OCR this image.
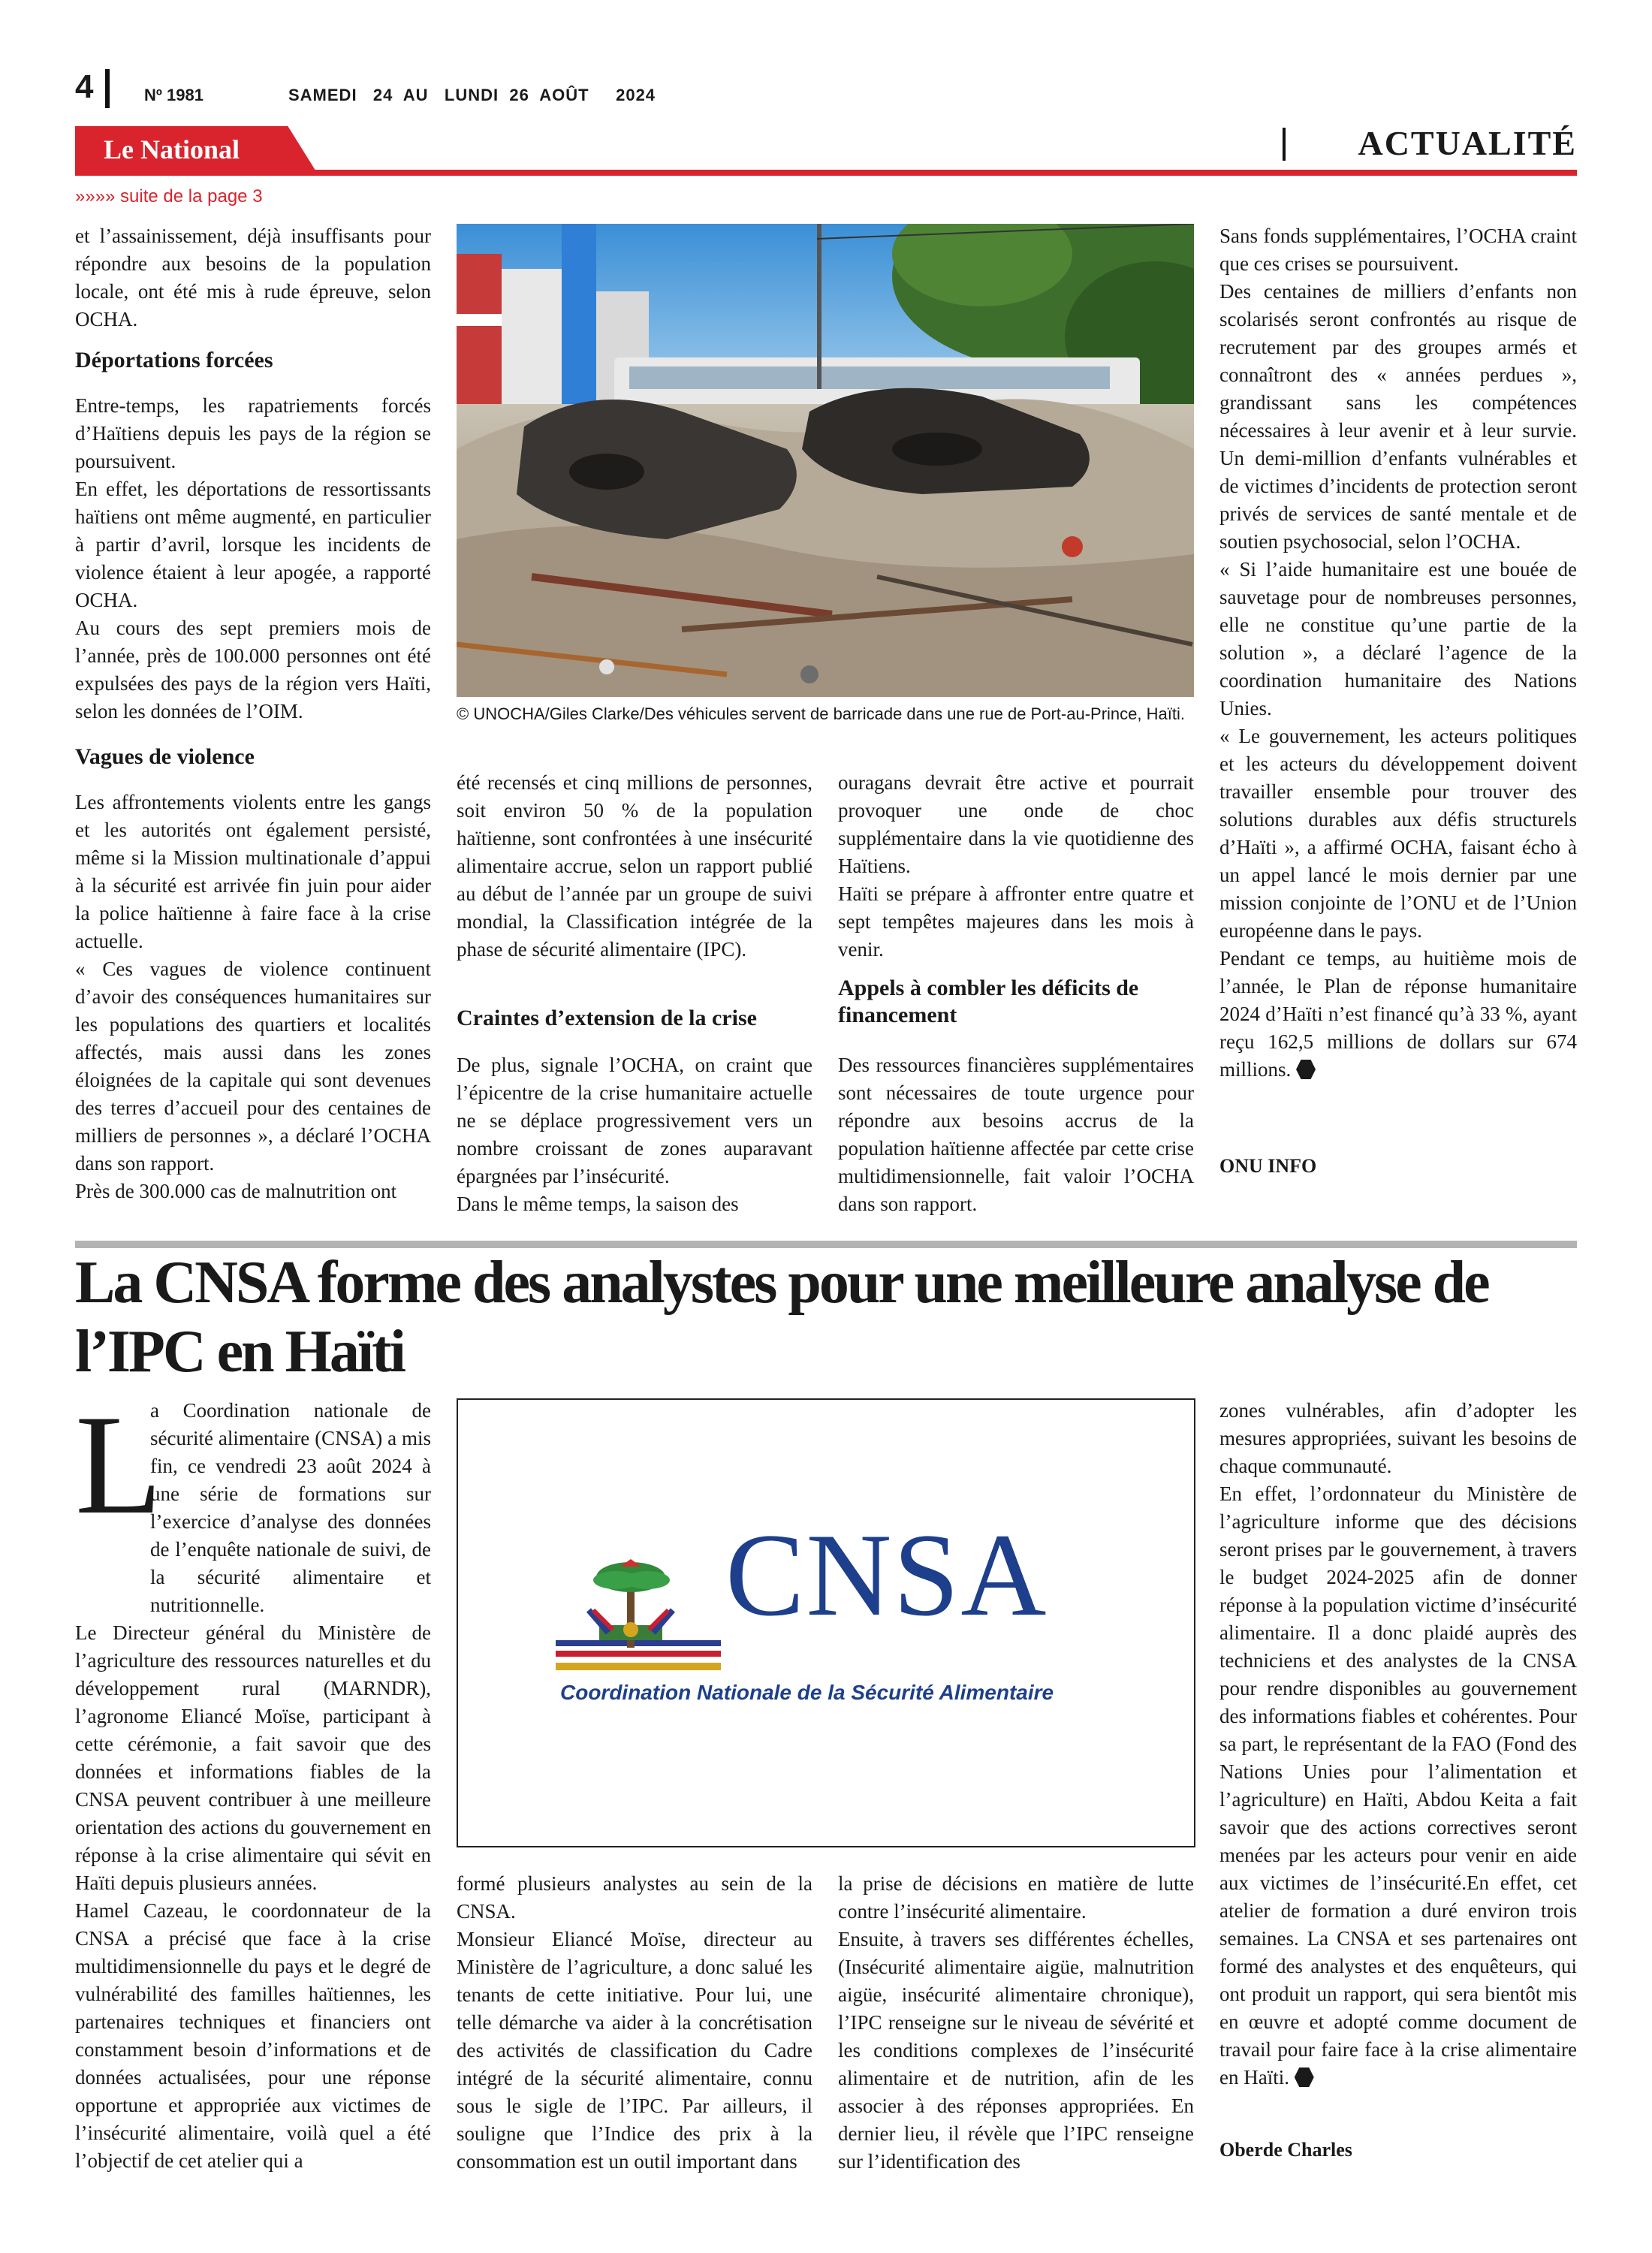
4	Nº 1981	SAMEDI   24  AU   LUNDI  26  AOÛT     2024
Le National	ACTUALITÉ
»»»» suite de la page 3

et l’assainissement, déjà insuffisants pour répondre aux besoins de la population locale, ont été mis à rude épreuve, selon OCHA.

Déportations forcées

Entre-temps, les rapatriements forcés d’Haïtiens depuis les pays de la région se poursuivent.

En effet, les déportations de ressortissants haïtiens ont même augmenté, en particulier à partir d’avril, lorsque les incidents de violence étaient à leur apogée, a rapporté OCHA.

Au cours des sept premiers mois de l’année, près de 100.000 personnes ont été expulsées des pays de la région vers Haïti, selon les données de l’OIM.

Vagues de violence

Les affrontements violents entre les gangs et les autorités ont également persisté, même si la Mission multinationale d’appui à la sécurité est arrivée fin juin pour aider la police haïtienne à faire face à la crise actuelle.

« Ces vagues de violence continuent d’avoir des conséquences humanitaires sur les populations des quartiers et localités affectés, mais aussi dans les zones éloignées de la capitale qui sont devenues des terres d’accueil pour des centaines de milliers de personnes », a déclaré l’OCHA dans son rapport.

Près de 300.000 cas de malnutrition ont

© UNOCHA/Giles Clarke/Des véhicules servent de barricade dans une rue de Port-au-Prince, Haïti.

été recensés et cinq millions de personnes, soit environ 50 % de la population haïtienne, sont confrontées à une insécurité alimentaire accrue, selon un rapport publié au début de l’année par un groupe de suivi mondial, la Classification intégrée de la phase de sécurité alimentaire (IPC).

Craintes d’extension de la crise

De plus, signale l’OCHA, on craint que l’épicentre de la crise humanitaire actuelle ne se déplace progressivement vers un nombre croissant de zones auparavant épargnées par l’insécurité.

Dans le même temps, la saison des

ouragans devrait être active et pourrait provoquer une onde de choc supplémentaire dans la vie quotidienne des Haïtiens.

Haïti se prépare à affronter entre quatre et sept tempêtes majeures dans les mois à venir.

Appels à combler les déficits de financement

Des ressources financières supplémentaires sont nécessaires de toute urgence pour répondre aux besoins accrus de la population haïtienne affectée par cette crise multidimensionnelle, fait valoir l’OCHA dans son rapport.

Sans fonds supplémentaires, l’OCHA craint que ces crises se poursuivent.

Des centaines de milliers d’enfants non scolarisés seront confrontés au risque de recrutement par des groupes armés et connaîtront des « années perdues », grandissant sans les compétences nécessaires à leur avenir et à leur survie. Un demi-million d’enfants vulnérables et de victimes d’incidents de protection seront privés de services de santé mentale et de soutien psychosocial, selon l’OCHA.

« Si l’aide humanitaire est une bouée de sauvetage pour de nombreuses personnes, elle ne constitue qu’une partie de la solution », a déclaré l’agence de la coordination humanitaire des Nations Unies.

« Le gouvernement, les acteurs politiques et les acteurs du développement doivent travailler ensemble pour trouver des solutions durables aux défis structurels d’Haïti », a affirmé OCHA, faisant écho à un appel lancé le mois dernier par une mission conjointe de l’ONU et de l’Union européenne dans le pays.

Pendant ce temps, au huitième mois de l’année, le Plan de réponse humanitaire 2024 d’Haïti n’est financé qu’à 33 %, ayant reçu 162,5 millions de dollars sur 674 millions.

ONU INFO
La CNSA forme des analystes pour une meilleure analyse de l’IPC en Haïti
L

a Coordination nationale de sécurité alimentaire (CNSA) a mis fin, ce vendredi 23 août 2024 à une série de formations sur l’exercice d’analyse des données de l’enquête nationale de suivi, de la sécurité alimentaire et nutritionnelle.

Le Directeur général du Ministère de l’agriculture des ressources naturelles et du développement rural (MARNDR), l’agronome Eliancé Moïse, participant à cette cérémonie, a fait savoir que des données et informations fiables de la CNSA peuvent contribuer à une meilleure orientation des actions du gouvernement en réponse à la crise alimentaire qui sévit en Haïti depuis plusieurs années.

Hamel Cazeau, le coordonnateur de la CNSA a précisé que face à la crise multidimensionnelle du pays et le degré de vulnérabilité des familles haïtiennes, les partenaires techniques et financiers ont constamment besoin d’informations et de données actualisées, pour une réponse opportune et appropriée aux victimes de l’insécurité alimentaire, voilà quel a été l’objectif de cet atelier qui a

CNSA
Coordination Nationale de la Sécurité Alimentaire

formé plusieurs analystes au sein de la CNSA.

Monsieur Eliancé Moïse, directeur au Ministère de l’agriculture, a donc salué les tenants de cette initiative. Pour lui, une telle démarche va aider à la concrétisation des activités de classification du Cadre intégré de la sécurité alimentaire, connu sous le sigle de l’IPC. Par ailleurs, il souligne que l’Indice des prix à la consommation est un outil important dans

la prise de décisions en matière de lutte contre l’insécurité alimentaire.

Ensuite, à travers ses différentes échelles, (Insécurité alimentaire aigüe, malnutrition aigüe, insécurité alimentaire chronique), l’IPC renseigne sur le niveau de sévérité et les conditions complexes de l’insécurité alimentaire et de nutrition, afin de les associer à des réponses appropriées. En dernier lieu, il révèle que l’IPC renseigne sur l’identification des

zones vulnérables, afin d’adopter les mesures appropriées, suivant les besoins de chaque communauté.

En effet, l’ordonnateur du Ministère de l’agriculture informe que des décisions seront prises par le gouvernement, à travers le budget 2024-2025 afin de donner réponse à la population victime d’insécurité alimentaire. Il a donc plaidé auprès des techniciens et des analystes de la CNSA pour rendre disponibles au gouvernement des informations fiables et cohérentes. Pour sa part, le représentant de la FAO (Fond des Nations Unies pour l’alimentation et l’agriculture) en Haïti, Abdou Keita a fait savoir que des actions correctives seront menées par les acteurs pour venir en aide aux victimes de l’insécurité.En effet, cet atelier de formation a duré environ trois semaines. La CNSA et ses partenaires ont formé des analystes et des enquêteurs, qui ont produit un rapport, qui sera bientôt mis en œuvre et adopté comme document de travail pour faire face à la crise alimentaire en Haïti.

Oberde Charles
